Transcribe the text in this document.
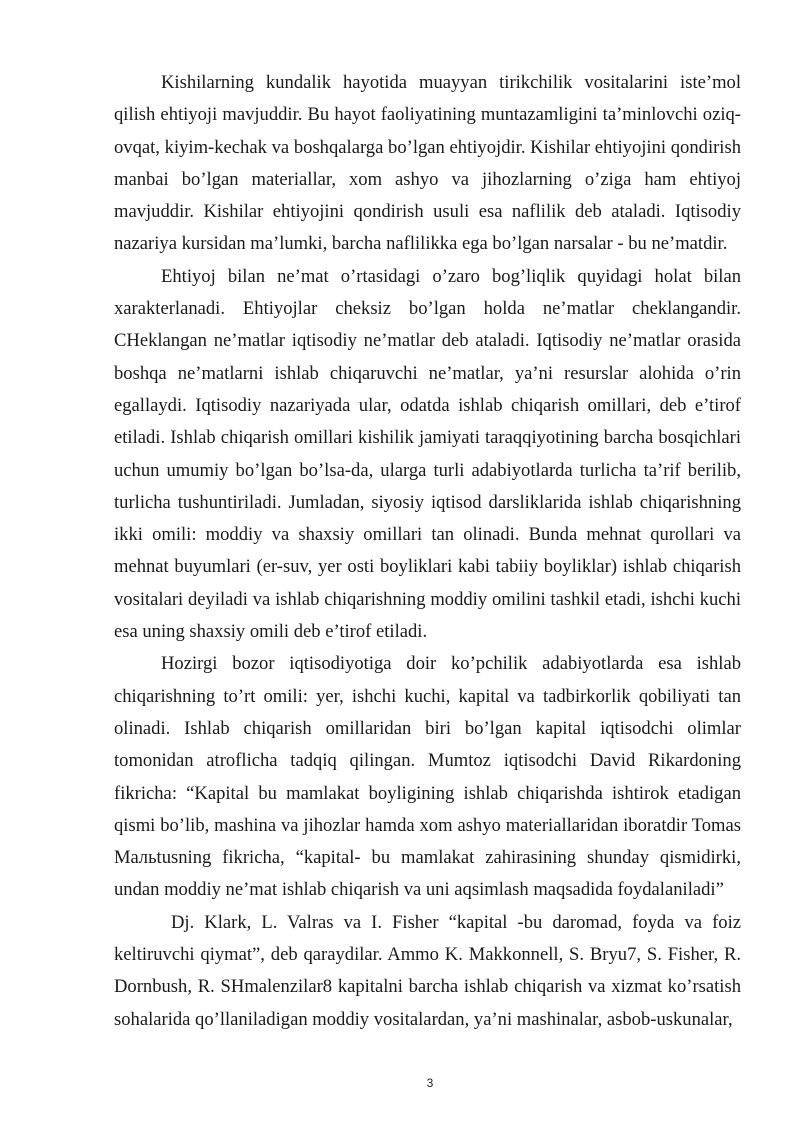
Kishilarning kundalik hayotida muayyan tirikchilik vositalarini iste’mol qilish ehtiyoji mavjuddir. Bu hayot faoliyatining muntazamligini ta’minlovchi oziq-ovqat, kiyim-kechak va boshqalarga bo’lgan ehtiyojdir. Kishilar ehtiyojini qondirish manbai bo’lgan materiallar, xom ashyo va jihozlarning o’ziga ham ehtiyoj mavjuddir. Kishilar ehtiyojini qondirish usuli esa naflilik deb ataladi. Iqtisodiy nazariya kursidan ma’lumki, barcha naflilikka ega bo’lgan narsalar - bu ne’matdir.

Ehtiyoj bilan ne’mat o’rtasidagi o’zaro bog’liqlik quyidagi holat bilan xarakterlanadi. Ehtiyojlar cheksiz bo’lgan holda ne’matlar cheklangandir. CHeklangan ne’matlar iqtisodiy ne’matlar deb ataladi. Iqtisodiy ne’matlar orasida boshqa ne’matlarni ishlab chiqaruvchi ne’matlar, ya’ni resurslar alohida o’rin egallaydi. Iqtisodiy nazariyada ular, odatda ishlab chiqarish omillari, deb e’tirof etiladi. Ishlab chiqarish omillari kishilik jamiyati taraqqiyotining barcha bosqichlari uchun umumiy bo’lgan bo’lsa-da, ularga turli adabiyotlarda turlicha ta’rif berilib, turlicha tushuntiriladi. Jumladan, siyosiy iqtisod darsliklarida ishlab chiqarishning ikki omili: moddiy va shaxsiy omillari tan olinadi. Bunda mehnat qurollari va mehnat buyumlari (er-suv, yer osti boyliklari kabi tabiiy boyliklar) ishlab chiqarish vositalari deyiladi va ishlab chiqarishning moddiy omilini tashkil etadi, ishchi kuchi esa uning shaxsiy omili deb e’tirof etiladi.

Hozirgi bozor iqtisodiyotiga doir ko’pchilik adabiyotlarda esa ishlab chiqarishning to’rt omili: yer, ishchi kuchi, kapital va tadbirkorlik qobiliyati tan olinadi. Ishlab chiqarish omillaridan biri bo’lgan kapital iqtisodchi olimlar tomonidan atroflicha tadqiq qilingan. Mumtoz iqtisodchi David Rikardoning fikricha: “Kapital bu mamlakat boyligining ishlab chiqarishda ishtirok etadigan qismi bo’lib, mashina va jihozlar hamda xom ashyo materiallaridan iboratdir Tomas Maльtusning fikricha, “kapital- bu mamlakat zahirasining shunday qismidirki, undan moddiy ne’mat ishlab chiqarish va uni aqsimlash maqsadida foydalaniladi”

Dj. Klark, L. Valras va I. Fisher “kapital -bu daromad, foyda va foiz keltiruvchi qiymat”, deb qaraydilar. Ammo K. Makkonnell, S. Bryu7, S. Fisher, R. Dornbush, R. SHmalenzilar8 kapitalni barcha ishlab chiqarish va xizmat ko’rsatish sohalarida qo’llaniladigan moddiy vositalardan, ya’ni mashinalar, asbob-uskunalar,

3
